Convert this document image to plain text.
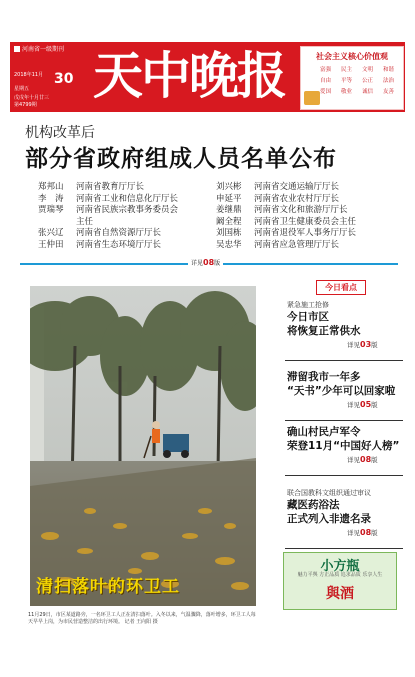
河南省一级期刊
2018年11月 30
星期五
戊戌年十月廿三
第4799期 天中晚报	社会主义核心价值观
富强	民主	文明	和谐
自由	平等	公正	法治
爱国	敬业	诚信	友善
机构改革后
部分省政府组成人员名单公布
郑邦山 河南省教育厅厅长
李　涛 河南省工业和信息化厅厅长
贾瑞琴 河南省民族宗教事务委员会
主任
张兴辽 河南省自然资源厅厅长
王仲田 河南省生态环境厅厅长
刘兴彬 河南省交通运输厅厅长
申延平 河南省农业农村厅厅长
姜继鼎 河南省文化和旅游厅厅长
阚全程 河南省卫生健康委员会主任
刘国栋 河南省退役军人事务厅厅长
吴忠华 河南省应急管理厅厅长
详见08版
清扫落叶的环卫工
11月29日，市区某道路旁，一名环卫工人正在清扫落叶。入冬以来，气温骤降，落叶增多，环卫工人每天早早上岗，为市民营造整洁的出行环境。 记者 王向阳 摄
今日看点
紧急施工抢修
今日市区
将恢复正常供水
详见03版
滞留我市一年多
“天书”少年可以回家啦
详见05版
确山村民卢军令
荣登11月“中国好人榜”
详见08版
联合国教科文组织通过审议
藏医药浴法
正式列入非遗名录
详见08版
小方瓶
魅力平舆 方正品质 追求品质 乐享人生
與酒
